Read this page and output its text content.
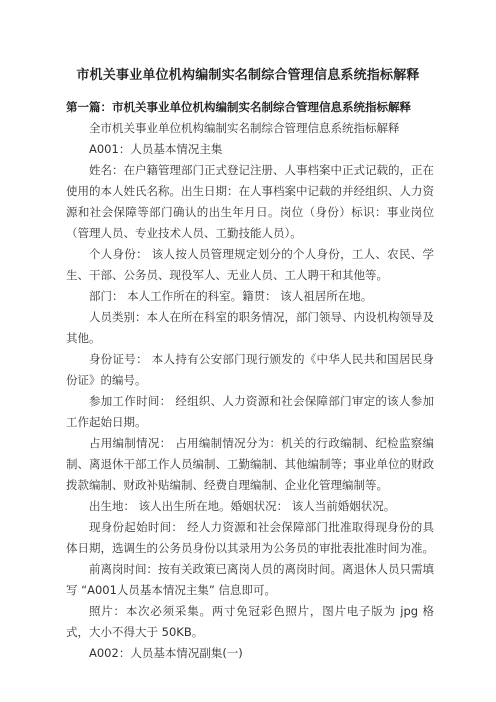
市机关事业单位机构编制实名制综合管理信息系统指标解释
第一篇：市机关事业单位机构编制实名制综合管理信息系统指标解释

全市机关事业单位机构编制实名制综合管理信息系统指标解释

A001：人员基本情况主集

姓名：在户籍管理部门正式登记注册、人事档案中正式记载的，正在使用的本人姓氏名称。出生日期：在人事档案中记载的并经组织、人力资源和社会保障等部门确认的出生年月日。岗位（身份）标识：事业岗位（管理人员、专业技术人员、工勤技能人员）。

个人身份： 该人按人员管理规定划分的个人身份，工人、农民、学生、干部、公务员、现役军人、无业人员、工人聘干和其他等。

部门： 本人工作所在的科室。籍贯： 该人祖居所在地。

人员类别：本人在所在科室的职务情况，部门领导、内设机构领导及其他。

身份证号： 本人持有公安部门现行颁发的《中华人民共和国居民身份证》的编号。

参加工作时间： 经组织、人力资源和社会保障部门审定的该人参加工作起始日期。

占用编制情况： 占用编制情况分为：机关的行政编制、纪检监察编制、离退休干部工作人员编制、工勤编制、其他编制等；事业单位的财政拨款编制、财政补贴编制、经费自理编制、企业化管理编制等。

出生地： 该人出生所在地。婚姻状况： 该人当前婚姻状况。

现身份起始时间： 经人力资源和社会保障部门批准取得现身份的具体日期，选调生的公务员身份以其录用为公务员的审批表批准时间为准。

前离岗时间：按有关政策已离岗人员的离岗时间。离退休人员只需填写 “A001人员基本情况主集” 信息即可。

照片：本次必须采集。两寸免冠彩色照片，图片电子版为 jpg 格式，大小不得大于 50KB。

A002：人员基本情况副集(一)
